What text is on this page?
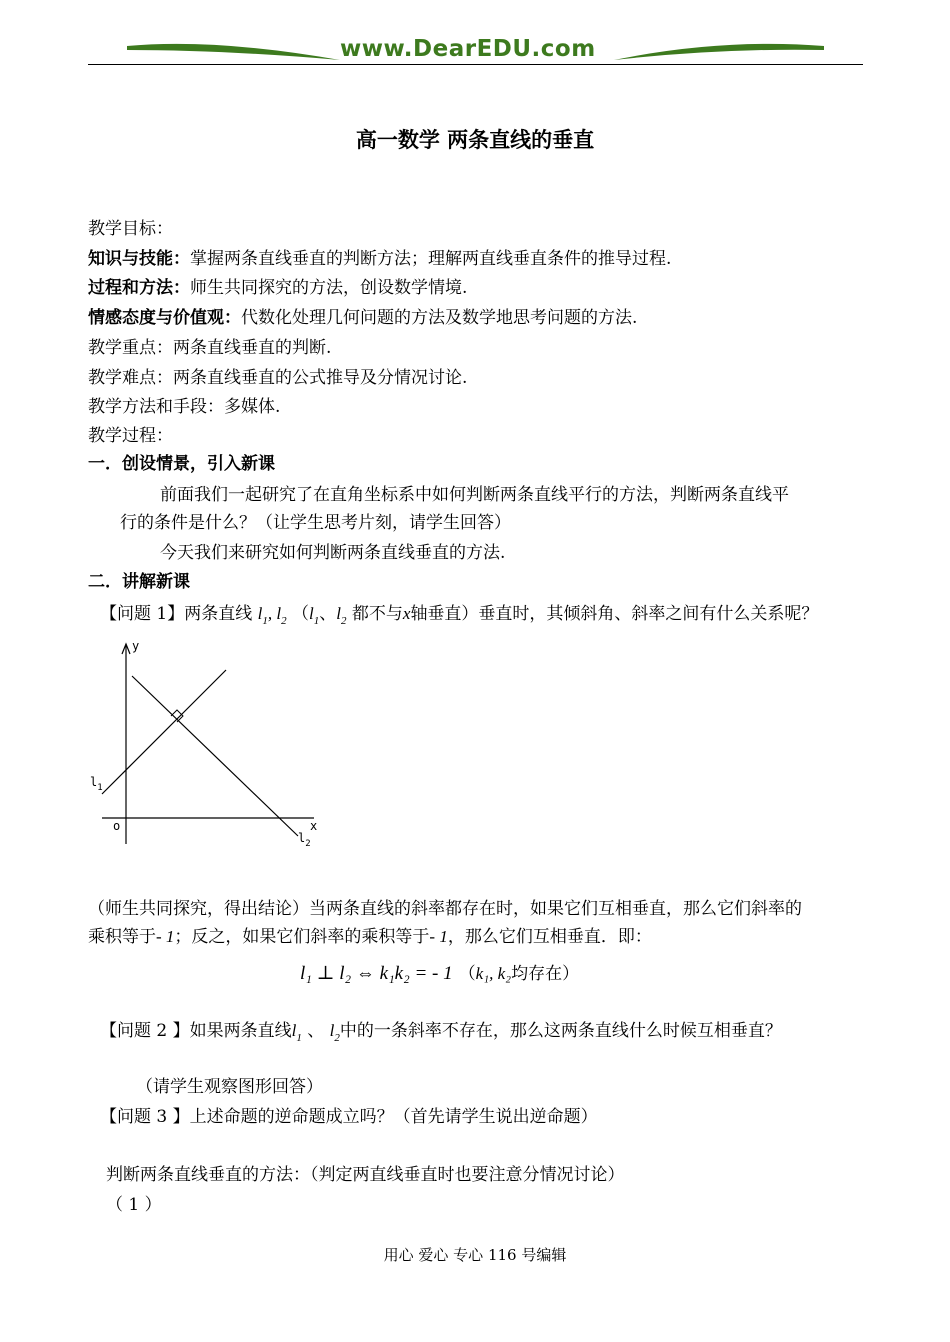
www.DearEDU.com
高一数学 两条直线的垂直
教学目标：
知识与技能：掌握两条直线垂直的判断方法；理解两直线垂直条件的推导过程.
过程和方法：师生共同探究的方法，创设数学情境.
情感态度与价值观：代数化处理几何问题的方法及数学地思考问题的方法.
教学重点：两条直线垂直的判断.
教学难点：两条直线垂直的公式推导及分情况讨论.
教学方法和手段：多媒体.
教学过程：
一．创设情景，引入新课
前面我们一起研究了在直角坐标系中如何判断两条直线平行的方法，判断两条直线平
行的条件是什么？（让学生思考片刻，请学生回答）
今天我们来研究如何判断两条直线垂直的方法.
二．讲解新课
【问题 1】两条直线 $l_1$, $l_2$ （$l_1$、$l_2$ 都不与x轴垂直）垂直时，其倾斜角、斜率之间有什么关系呢？
y
x
o
$l_1$
$l_2$
（师生共同探究，得出结论）当两条直线的斜率都存在时，如果它们互相垂直，那么它们斜率的
乘积等于- 1；反之，如果它们斜率的乘积等于- 1，那么它们互相垂直．即：
l₁ ⊥ l₂ ⇔ k₁k₂ = - 1 （k₁, k₂均存在）
【问题 2 】如果两条直线$l_1$ 、 $l_2$中的一条斜率不存在，那么这两条直线什么时候互相垂直？
（请学生观察图形回答）
【问题 3 】上述命题的逆命题成立吗？（首先请学生说出逆命题）
判断两条直线垂直的方法：（判定两直线垂直时也要注意分情况讨论）
（ 1 ）
用心 爱心 专心 116 号编辑
